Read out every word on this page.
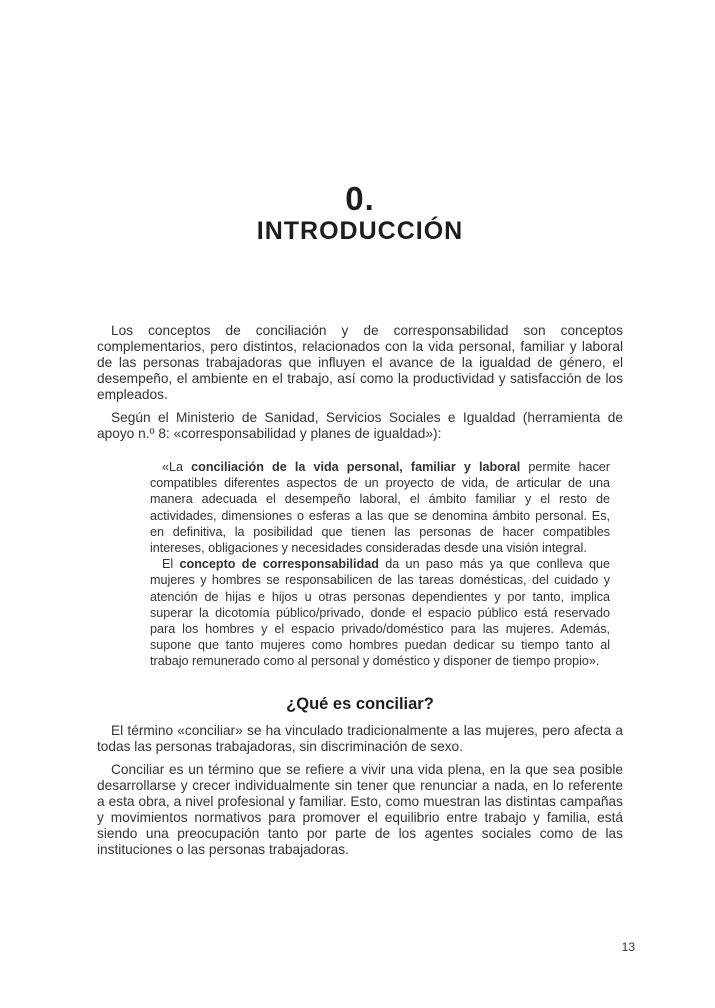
0.
INTRODUCCIÓN

Los conceptos de conciliación y de corresponsabilidad son conceptos complementarios, pero distintos, relacionados con la vida personal, familiar y laboral de las personas trabajadoras que influyen el avance de la igualdad de género, el desempeño, el ambiente en el trabajo, así como la productividad y satisfacción de los empleados.

Según el Ministerio de Sanidad, Servicios Sociales e Igualdad (herramienta de apoyo n.º 8: «corresponsabilidad y planes de igualdad»):

«La conciliación de la vida personal, familiar y laboral permite hacer compatibles diferentes aspectos de un proyecto de vida, de articular de una manera adecuada el desempeño laboral, el ámbito familiar y el resto de actividades, dimensiones o esferas a las que se denomina ámbito personal. Es, en definitiva, la posibilidad que tienen las personas de hacer compatibles intereses, obligaciones y necesidades consideradas desde una visión integral.

El concepto de corresponsabilidad da un paso más ya que conlleva que mujeres y hombres se responsabilicen de las tareas domésticas, del cuidado y atención de hijas e hijos u otras personas dependientes y por tanto, implica superar la dicotomía público/privado, donde el espacio público está reservado para los hombres y el espacio privado/doméstico para las mujeres. Además, supone que tanto mujeres como hombres puedan dedicar su tiempo tanto al trabajo remunerado como al personal y doméstico y disponer de tiempo propio».

¿Qué es conciliar?

El término «conciliar» se ha vinculado tradicionalmente a las mujeres, pero afecta a todas las personas trabajadoras, sin discriminación de sexo.

Conciliar es un término que se refiere a vivir una vida plena, en la que sea posible desarrollarse y crecer individualmente sin tener que renunciar a nada, en lo referente a esta obra, a nivel profesional y familiar. Esto, como muestran las distintas campañas y movimientos normativos para promover el equilibrio entre trabajo y familia, está siendo una preocupación tanto por parte de los agentes sociales como de las instituciones o las personas trabajadoras.

13
